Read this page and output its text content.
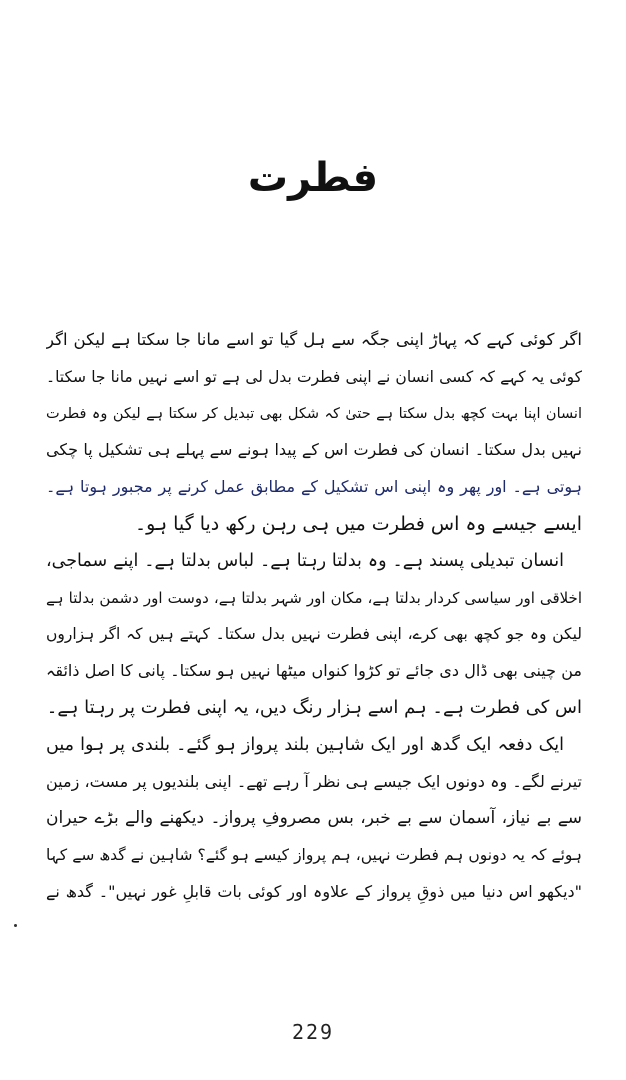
فطرت
اگر کوئی کہے کہ پہاڑ اپنی جگہ سے ہل گیا تو اسے مانا جا سکتا ہے لیکن اگر
کوئی یہ کہے کہ کسی انسان نے اپنی فطرت بدل لی ہے تو اسے نہیں مانا جا سکتا۔
انسان اپنا بہت کچھ بدل سکتا ہے حتیٰ کہ شکل بھی تبدیل کر سکتا ہے لیکن وہ فطرت
نہیں بدل سکتا۔ انسان کی فطرت اس کے پیدا ہونے سے پہلے ہی تشکیل پا چکی
ہوتی ہے۔ اور پھر وہ اپنی اس تشکیل کے مطابق عمل کرنے پر مجبور ہوتا ہے۔
ایسے جیسے وہ اس فطرت میں ہی رہن رکھ دیا گیا ہو۔
انسان تبدیلی پسند ہے۔ وہ بدلتا رہتا ہے۔ لباس بدلتا ہے۔ اپنے سماجی،
اخلاقی اور سیاسی کردار بدلتا ہے، مکان اور شہر بدلتا ہے، دوست اور دشمن بدلتا ہے
لیکن وہ جو کچھ بھی کرے، اپنی فطرت نہیں بدل سکتا۔ کہتے ہیں کہ اگر ہزاروں
من چینی بھی ڈال دی جائے تو کڑوا کنواں میٹھا نہیں ہو سکتا۔ پانی کا اصل ذائقہ
اس کی فطرت ہے۔ ہم اسے ہزار رنگ دیں، یہ اپنی فطرت پر رہتا ہے۔
ایک دفعہ ایک گدھ اور ایک شاہین بلند پرواز ہو گئے۔ بلندی پر ہوا میں
تیرنے لگے۔ وہ دونوں ایک جیسے ہی نظر آ رہے تھے۔ اپنی بلندیوں پر مست، زمین
سے بے نیاز، آسمان سے بے خبر، بس مصروفِ پرواز۔ دیکھنے والے بڑے حیران
ہوئے کہ یہ دونوں ہم فطرت نہیں، ہم پرواز کیسے ہو گئے؟ شاہین نے گدھ سے کہا
"دیکھو اس دنیا میں ذوقِ پرواز کے علاوہ اور کوئی بات قابلِ غور نہیں"۔ گدھ نے
229
